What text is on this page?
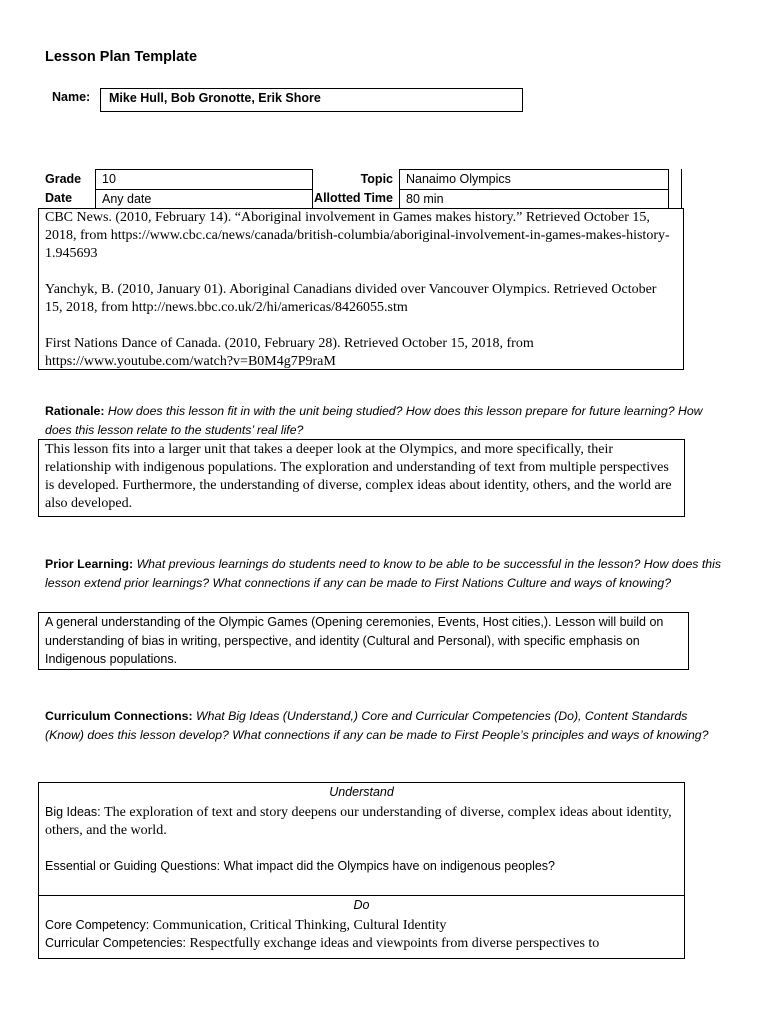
Lesson Plan Template
Name: Mike Hull, Bob Gronotte, Erik Shore
Grade
Date
10
Any date
Topic
Allotted Time
Nanaimo Olympics
80 min

CBC News. (2010, February 14). “Aboriginal involvement in Games makes history.” Retrieved October 15, 2018, from https://www.cbc.ca/news/canada/british-columbia/aboriginal-involvement-in-games-makes-history-1.945693

Yanchyk, B. (2010, January 01). Aboriginal Canadians divided over Vancouver Olympics. Retrieved October 15, 2018, from http://news.bbc.co.uk/2/hi/americas/8426055.stm

First Nations Dance of Canada. (2010, February 28). Retrieved October 15, 2018, from https://www.youtube.com/watch?v=B0M4g7P9raM

Rationale: How does this lesson fit in with the unit being studied? How does this lesson prepare for future learning? How does this lesson relate to the students’ real life?
This lesson fits into a larger unit that takes a deeper look at the Olympics, and more specifically, their relationship with indigenous populations. The exploration and understanding of text from multiple perspectives is developed. Furthermore, the understanding of diverse, complex ideas about identity, others, and the world are also developed.
Prior Learning: What previous learnings do students need to know to be able to be successful in the lesson? How does this lesson extend prior learnings? What connections if any can be made to First Nations Culture and ways of knowing?
A general understanding of the Olympic Games (Opening ceremonies, Events, Host cities,). Lesson will build on understanding of bias in writing, perspective, and identity (Cultural and Personal), with specific emphasis on Indigenous populations.
Curriculum Connections: What Big Ideas (Understand,) Core and Curricular Competencies (Do), Content Standards (Know) does this lesson develop? What connections if any can be made to First People’s principles and ways of knowing?
Understand
Big Ideas: The exploration of text and story deepens our understanding of diverse, complex ideas about identity, others, and the world.
Essential or Guiding Questions: What impact did the Olympics have on indigenous peoples?
Do
Core Competency: Communication, Critical Thinking, Cultural Identity
Curricular Competencies: Respectfully exchange ideas and viewpoints from diverse perspectives to
